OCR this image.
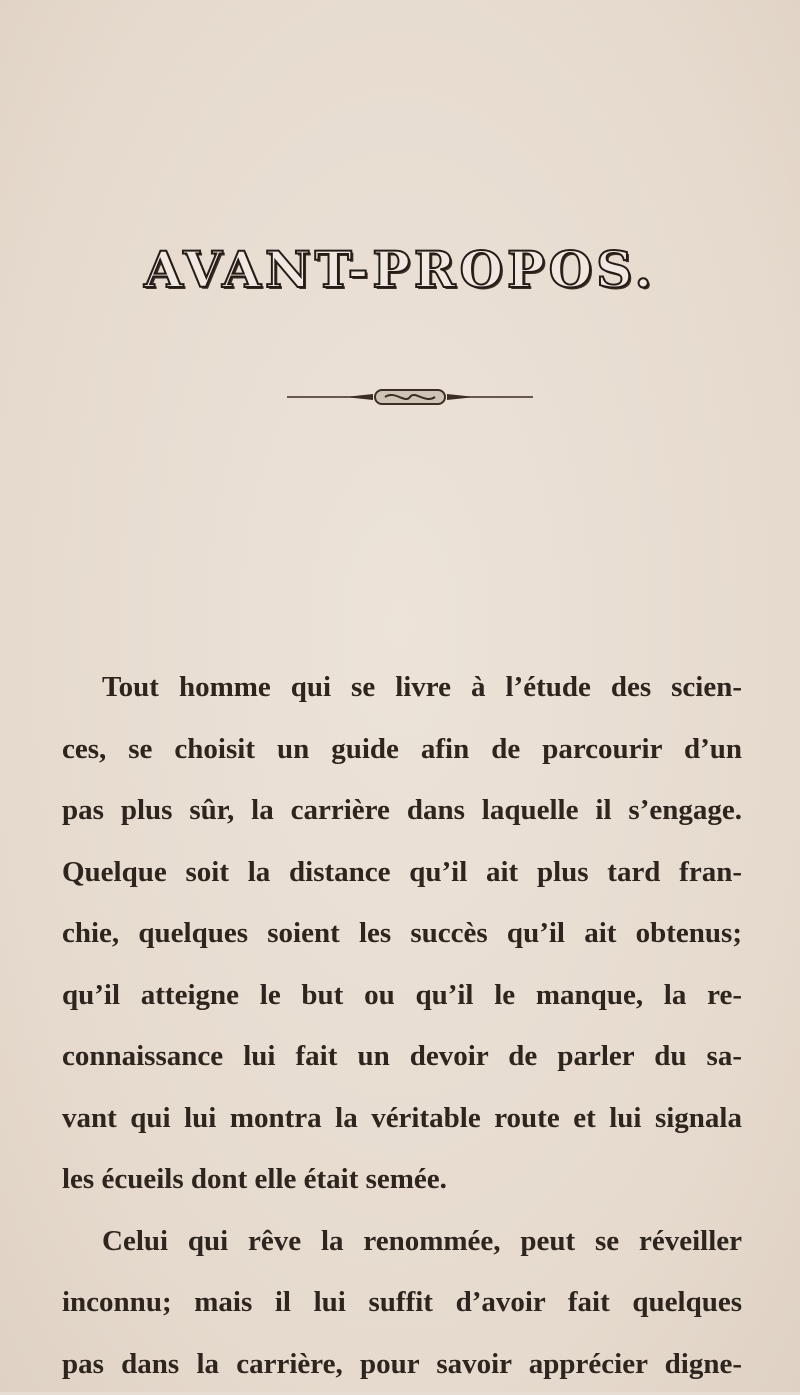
AVANT-PROPOS.
Tout homme qui se livre à l’étude des scien-
ces, se choisit un guide afin de parcourir d’un
pas plus sûr, la carrière dans laquelle il s’engage.
Quelque soit la distance qu’il ait plus tard fran-
chie, quelques soient les succès qu’il ait obtenus;
qu’il atteigne le but ou qu’il le manque, la re-
connaissance lui fait un devoir de parler du sa-
vant qui lui montra la véritable route et lui signala
les écueils dont elle était semée.
Celui qui rêve la renommée, peut se réveiller
inconnu; mais il lui suffit d’avoir fait quelques
pas dans la carrière, pour savoir apprécier digne-
